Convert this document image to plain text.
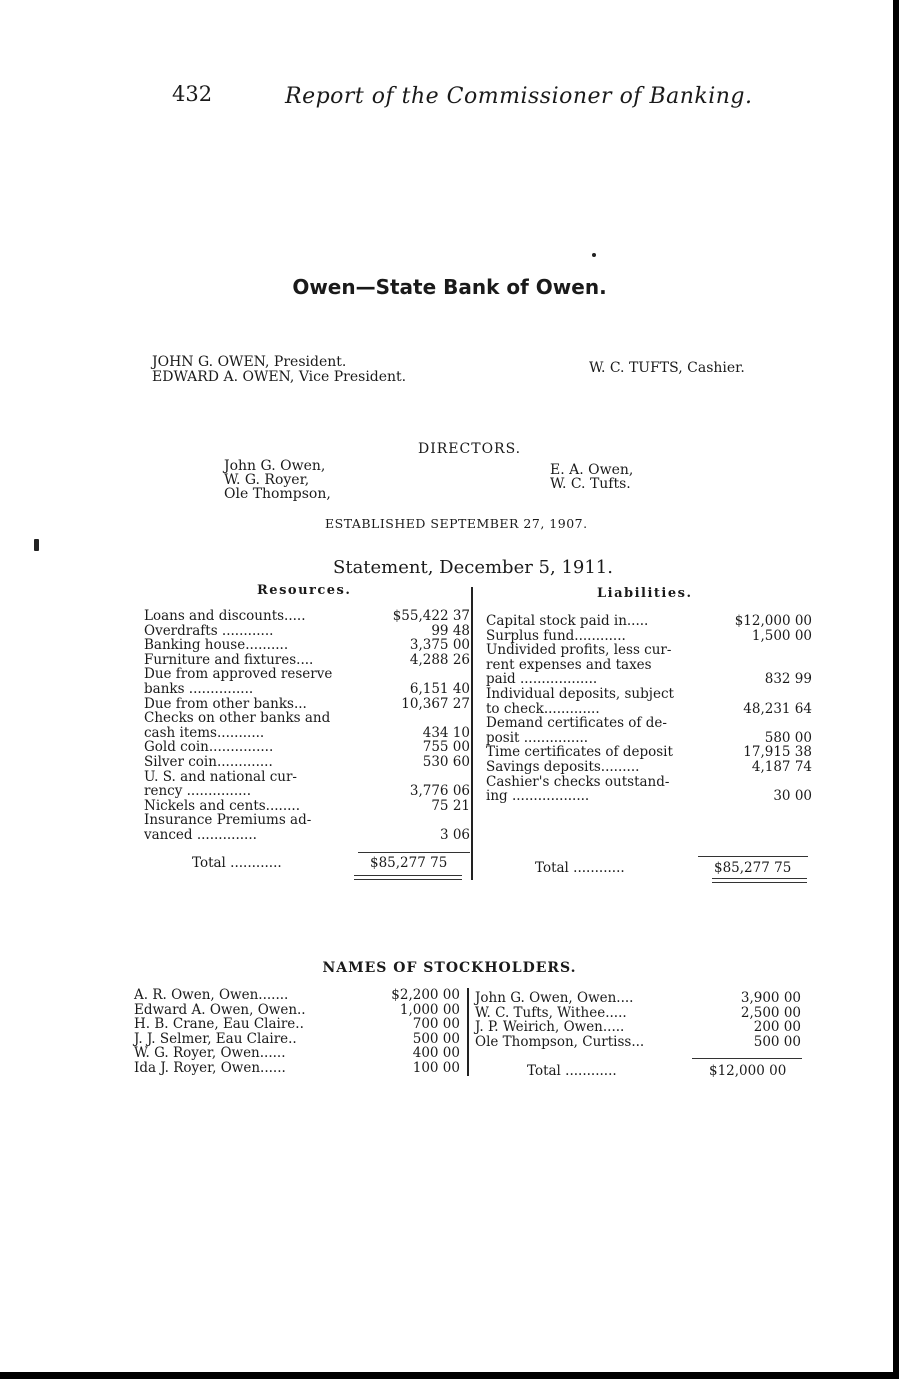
432	Report of the Commissioner of Banking.
Owen—State Bank of Owen.
JOHN G. OWEN, President.
EDWARD A. OWEN, Vice President.
W. C. TUFTS, Cashier.
DIRECTORS.
John G. Owen,
W. G. Royer,
Ole Thompson,
E. A. Owen,
W. C. Tufts.
ESTABLISHED SEPTEMBER 27, 1907.
Statement, December 5, 1911.
Resources.	Liabilities.
Loans and discounts.....	$55,422 37
Overdrafts ............	99 48
Banking house..........	3,375 00
Furniture and fixtures....	4,288 26
Due from approved reserve
banks ...............	6,151 40
Due from other banks...	10,367 27
Checks on other banks and
cash items...........	434 10
Gold coin...............	755 00
Silver coin.............	530 60
U. S. and national cur-
rency ...............	3,776 06
Nickels and cents........	75 21
Insurance Premiums ad-
vanced ..............	3 06
Capital stock paid in.....	$12,000 00
Surplus fund............	1,500 00
Undivided profits, less cur-
rent expenses and taxes
paid ..................	832 99
Individual deposits, subject
to check.............	48,231 64
Demand certificates of de-
posit ...............	580 00
Time certificates of deposit	17,915 38
Savings deposits.........	4,187 74
Cashier's checks outstand-
ing ..................	30 00
Total ............	$85,277 75	Total ............	$85,277 75
NAMES OF STOCKHOLDERS.
A. R. Owen, Owen.......	$2,200 00
Edward A. Owen, Owen..	1,000 00
H. B. Crane, Eau Claire..	700 00
J. J. Selmer, Eau Claire..	500 00
W. G. Royer, Owen......	400 00
Ida J. Royer, Owen......	100 00
John G. Owen, Owen....	3,900 00
W. C. Tufts, Withee.....	2,500 00
J. P. Weirich, Owen.....	200 00
Ole Thompson, Curtiss...	500 00
Total ............	$12,000 00
